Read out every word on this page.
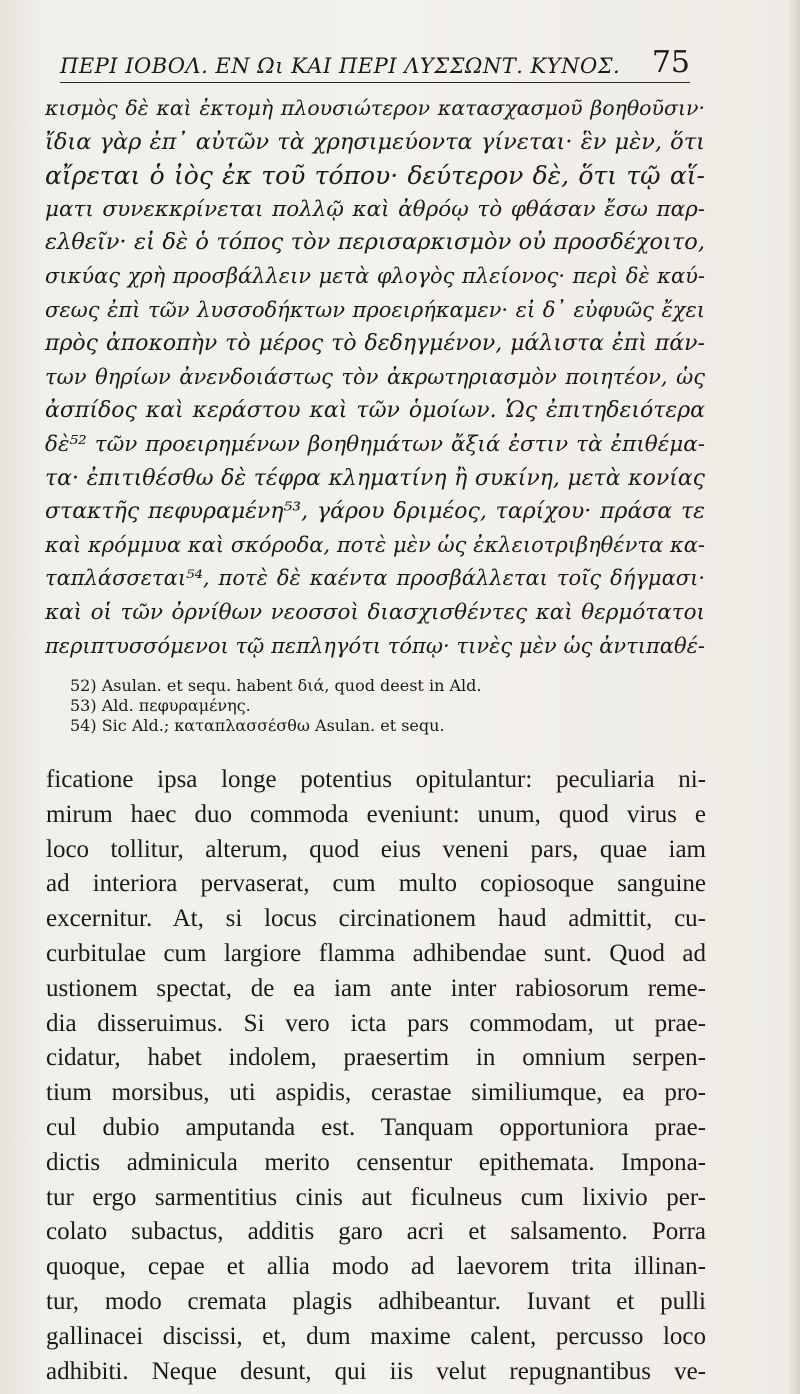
ΠΕΡΙ ΙΟΒΟΛ. ΕΝ Ωι ΚΑΙ ΠΕΡΙ ΛΥΣΣΩΝΤ. ΚΥΝΟΣ. 75
κισμὸς δὲ καὶ ἐκτομὴ πλουσιώτερον κατασχασμοῦ βοηθοῦσιν·
ἴδια γὰρ ἐπ᾽ αὐτῶν τὰ χρησιμεύοντα γίνεται· ἓν μὲν, ὅτι
αἴρεται ὁ ἰὸς ἐκ τοῦ τόπου· δεύτερον δὲ, ὅτι τῷ αἵ-
ματι συνεκκρίνεται πολλῷ καὶ ἀθρόῳ τὸ φθάσαν ἔσω παρ-
ελθεῖν· εἰ δὲ ὁ τόπος τὸν περισαρκισμὸν οὐ προσδέχοιτο,
σικύας χρὴ προσβάλλειν μετὰ φλογὸς πλείονος· περὶ δὲ καύ-
σεως ἐπὶ τῶν λυσσοδήκτων προειρήκαμεν· εἰ δ᾽ εὐφυῶς ἔχει
πρὸς ἀποκοπὴν τὸ μέρος τὸ δεδηγμένον, μάλιστα ἐπὶ πάν-
των θηρίων ἀνενδοιάστως τὸν ἀκρωτηριασμὸν ποιητέον, ὡς
ἀσπίδος καὶ κεράστου καὶ τῶν ὁμοίων. Ὡς ἐπιτηδειότερα
δὲ⁵² τῶν προειρημένων βοηθημάτων ἄξιά ἐστιν τὰ ἐπιθέμα-
τα· ἐπιτιθέσθω δὲ τέφρα κληματίνη ἢ συκίνη, μετὰ κονίας
στακτῆς πεφυραμένη⁵³, γάρου δριμέος, ταρίχου· πράσα τε
καὶ κρόμμυα καὶ σκόροδα, ποτὲ μὲν ὡς ἐκλειοτριβηθέντα κα-
ταπλάσσεται⁵⁴, ποτὲ δὲ καέντα προσβάλλεται τοῖς δήγμασι·
καὶ οἱ τῶν ὀρνίθων νεοσσοὶ διασχισθέντες καὶ θερμότατοι
περιπτυσσόμενοι τῷ πεπληγότι τόπῳ· τινὲς μὲν ὡς ἀντιπαθέ-
52) Asulan. et sequ. habent διά, quod deest in Ald.
53) Ald. πεφυραμένης.
54) Sic Ald.; καταπλασσέσθω Asulan. et sequ.
ficatione ipsa longe potentius opitulantur: peculiaria ni-
mirum haec duo commoda eveniunt: unum, quod virus e
loco tollitur, alterum, quod eius veneni pars, quae iam
ad interiora pervaserat, cum multo copiosoque sanguine
excernitur. At, si locus circinationem haud admittit, cu-
curbitulae cum largiore flamma adhibendae sunt. Quod ad
ustionem spectat, de ea iam ante inter rabiosorum reme-
dia disseruimus. Si vero icta pars commodam, ut prae-
cidatur, habet indolem, praesertim in omnium serpen-
tium morsibus, uti aspidis, cerastae similiumque, ea pro-
cul dubio amputanda est. Tanquam opportuniora prae-
dictis adminicula merito censentur epithemata. Impona-
tur ergo sarmentitius cinis aut ficulneus cum lixivio per-
colato subactus, additis garo acri et salsamento. Porra
quoque, cepae et allia modo ad laevorem trita illinan-
tur, modo cremata plagis adhibeantur. Iuvant et pulli
gallinacei discissi, et, dum maxime calent, percusso loco
adhibiti. Neque desunt, qui iis velut repugnantibus ve-
